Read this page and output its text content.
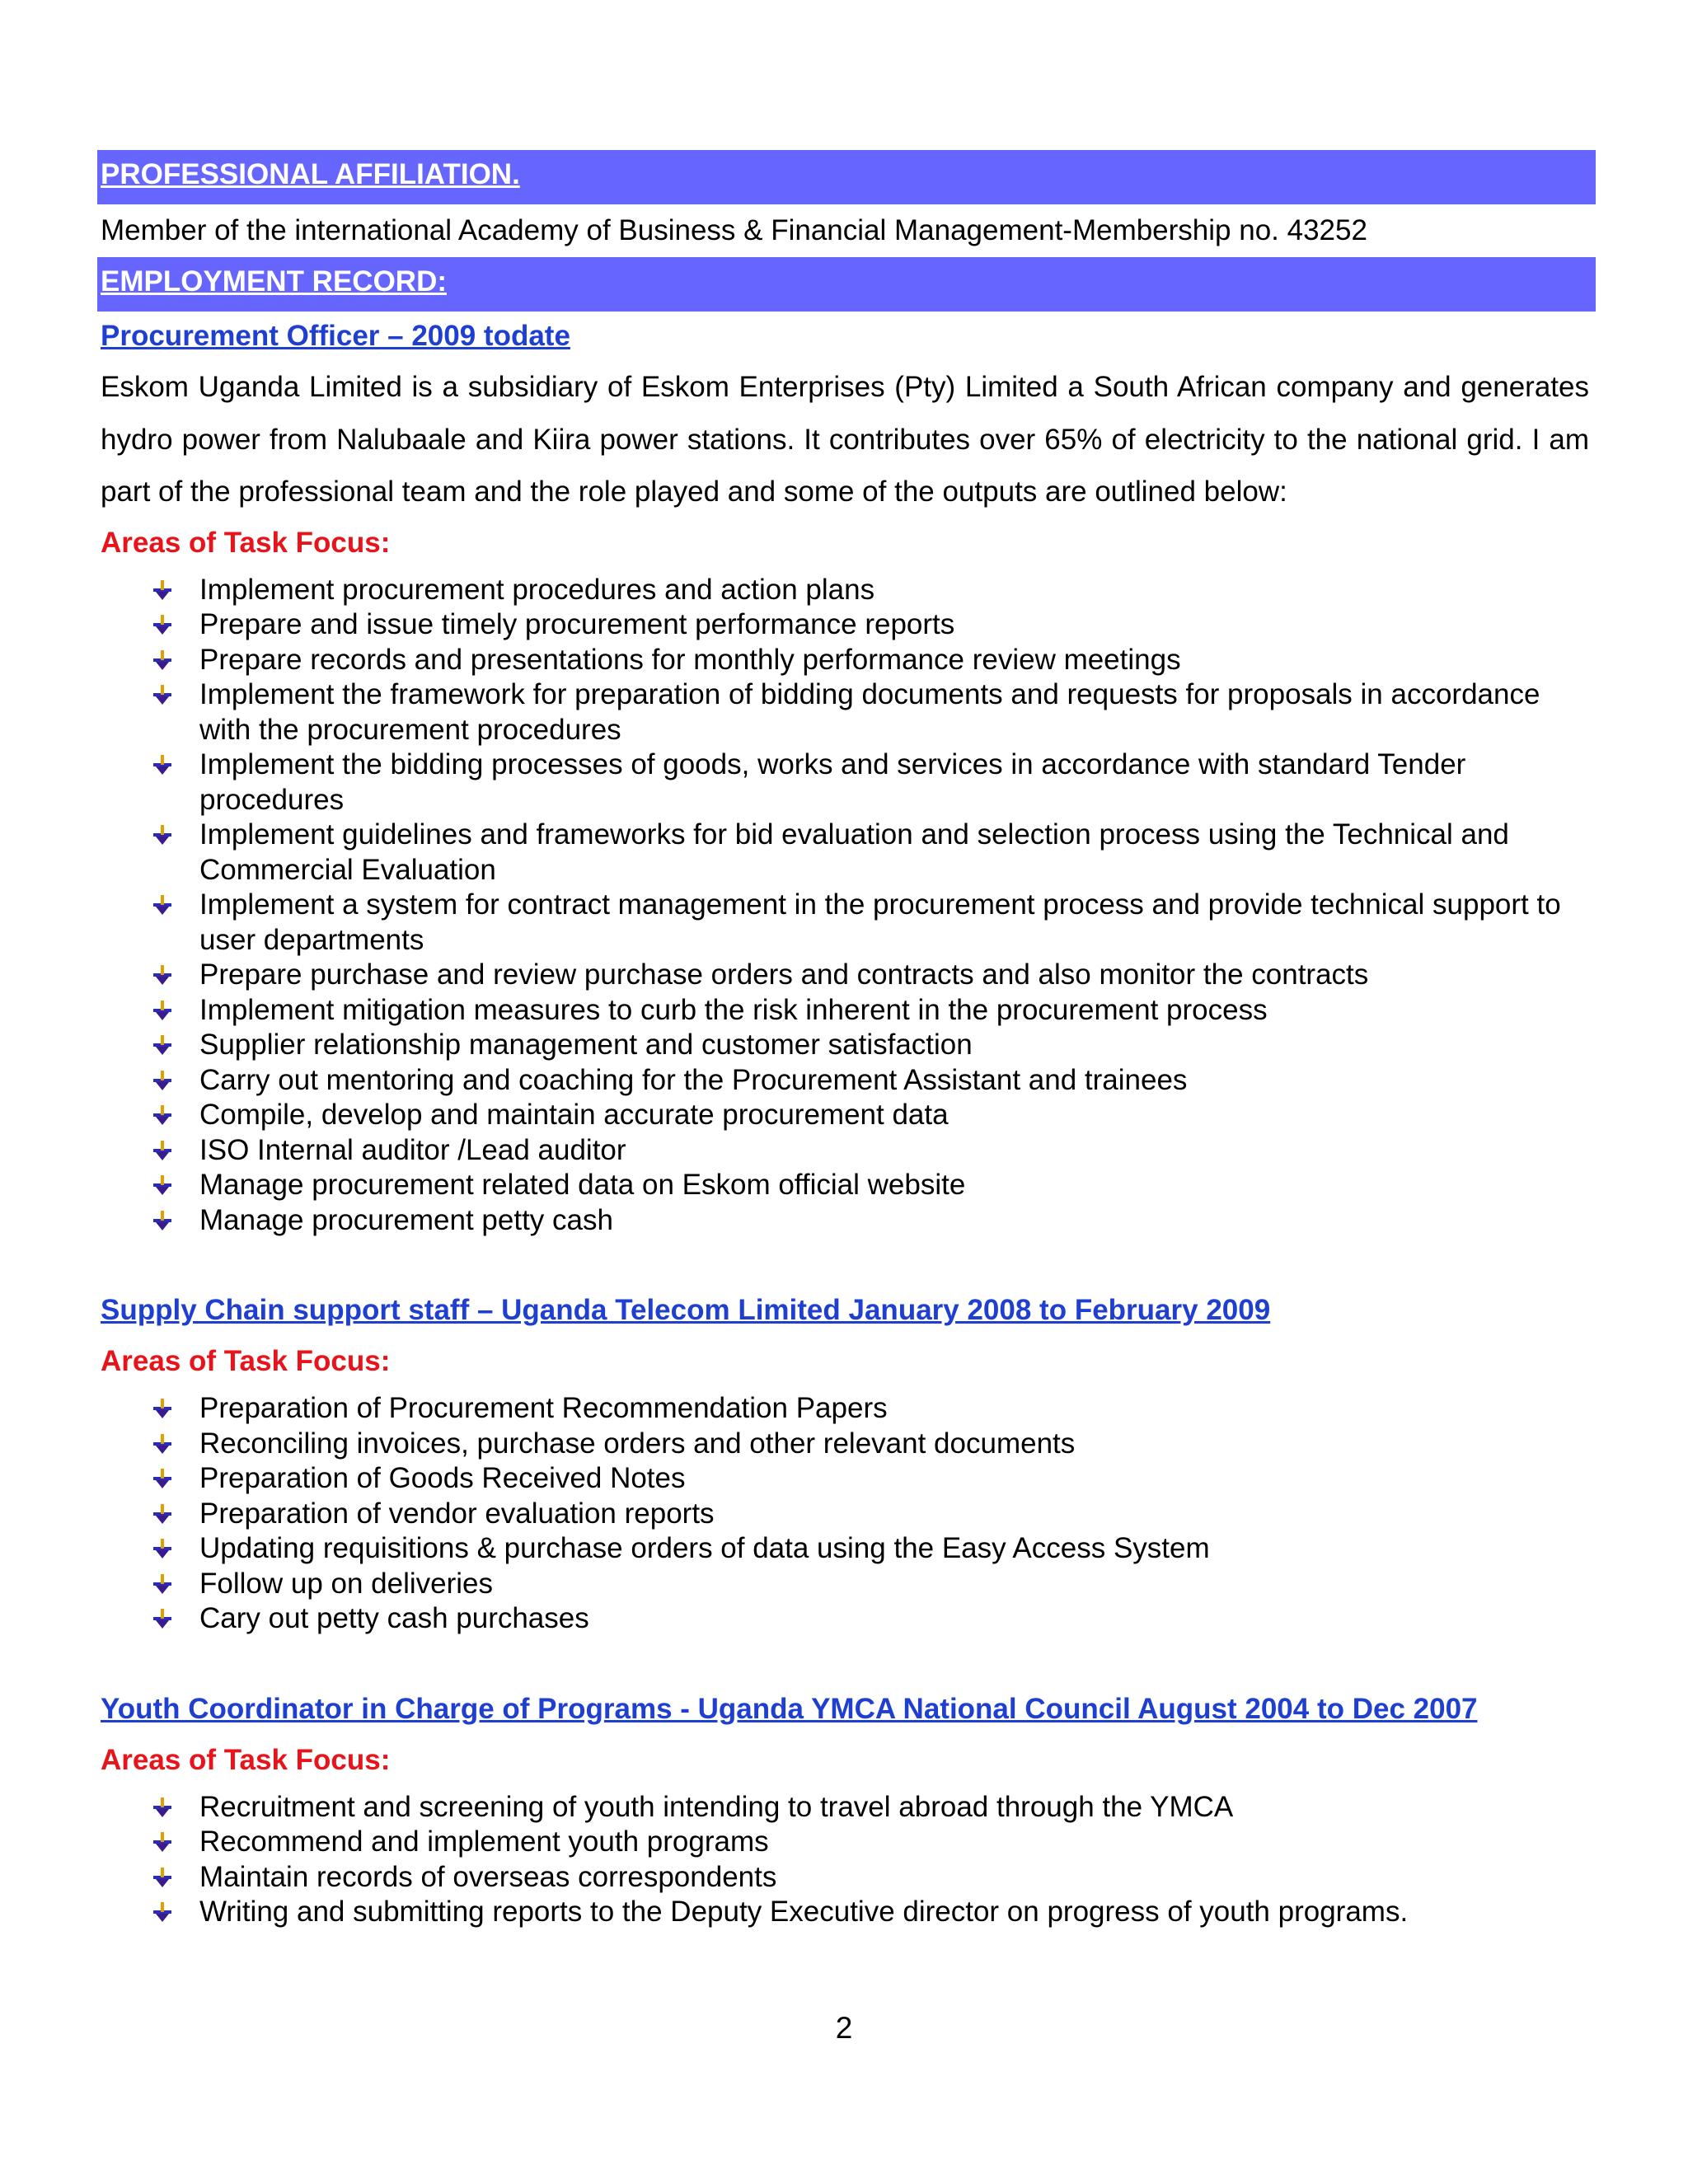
PROFESSIONAL AFFILIATION.
Member of the international Academy of Business & Financial Management-Membership no. 43252
EMPLOYMENT RECORD:
Procurement Officer – 2009 todate
Eskom Uganda Limited is a subsidiary of Eskom Enterprises (Pty) Limited a South African company and generates hydro power from Nalubaale and Kiira power stations. It contributes over 65% of electricity to the national grid. I am part of the professional team and the role played and some of the outputs are outlined below:
Areas of Task Focus:
Implement procurement procedures and action plans
Prepare and issue timely procurement performance reports
Prepare records and presentations for monthly performance review meetings
Implement the framework for preparation of bidding documents and requests for proposals in accordance with the procurement procedures
Implement the bidding processes of goods, works and services in accordance with standard Tender procedures
Implement guidelines and frameworks for bid evaluation and selection process using the Technical and Commercial Evaluation
Implement a system for contract management in the procurement process and provide technical support to user departments
Prepare purchase and review purchase orders and contracts and also monitor the contracts
Implement mitigation measures to curb the risk inherent in the procurement process
Supplier relationship management and customer satisfaction
Carry out mentoring and coaching for the Procurement Assistant and trainees
Compile, develop and maintain accurate procurement data
ISO Internal auditor /Lead auditor
Manage procurement related data on Eskom official website
Manage procurement petty cash
Supply Chain support staff – Uganda Telecom Limited January 2008 to February 2009
Areas of Task Focus:
Preparation of Procurement Recommendation Papers
Reconciling invoices, purchase orders and other relevant documents
Preparation of Goods Received Notes
Preparation of vendor evaluation reports
Updating requisitions & purchase orders of data using the Easy Access System
Follow up on deliveries
Cary out petty cash purchases
Youth Coordinator in Charge of Programs - Uganda YMCA National Council August 2004 to Dec 2007
Areas of Task Focus:
Recruitment and screening of youth intending to travel abroad through the YMCA
Recommend and implement youth programs
Maintain records of overseas correspondents
Writing and submitting reports to the Deputy Executive director on progress of youth programs.
2
